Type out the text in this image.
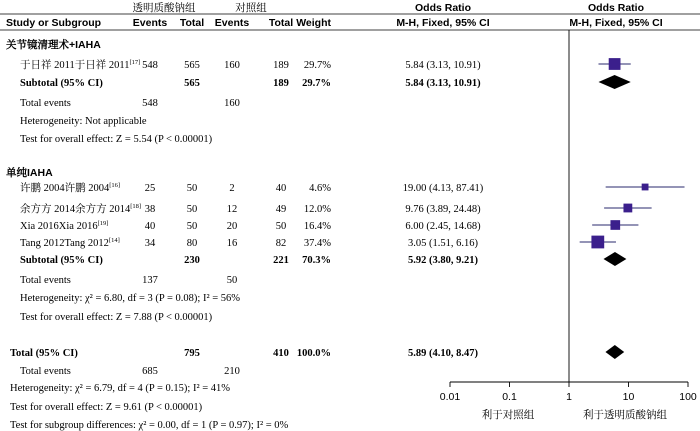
透明质酸钠组	对照组	Odds Ratio	Odds Ratio
Study or Subgroup	Events Total Events Total Weight	M-H, Fixed, 95% CI	M-H, Fixed, 95% CI
关节镜清理术+IAHA
于日祥 2011于日祥 2011[17] 548	565 160	189 29.7%	5.84 (3.13, 10.91)
Subtotal (95% CI)	565	189 29.7%	5.84 (3.13, 10.91)
Total events	548	160
Heterogeneity: Not applicable
Test for overall effect: Z = 5.54 (P < 0.00001)
单纯IAHA
许鹏 2004许鹏 2004[16] 25	50	2	40 4.6%	19.00 (4.13, 87.41)
余方方 2014余方方 2014[18] 38	50	12	49 12.0%	9.76 (3.89, 24.48)
Xia 2016Xia 2016[19]	40	50	20	50 16.4%	6.00 (2.45, 14.68)
Tang 2012Tang 2012[14] 34	80	16	82 37.4%	3.05 (1.51, 6.16)
Subtotal (95% CI)	230	221 70.3%	5.92 (3.80, 9.21)
Total events	137	50
Heterogeneity: χ² = 6.80, df = 3 (P = 0.08); I² = 56%
Test for overall effect: Z = 7.88 (P < 0.00001)
Total (95% CI)	795	410 100.0%	5.89 (4.10, 8.47)
Total events	685	210
Heterogeneity: χ² = 6.79, df = 4 (P = 0.15); I² = 41%
Test for overall effect: Z = 9.61 (P < 0.00001)
Test for subgroup differences: χ² = 0.00, df = 1 (P = 0.97); I² = 0%
0.01	0.1	1	10	100
利于对照组	利于透明质酸钠组
